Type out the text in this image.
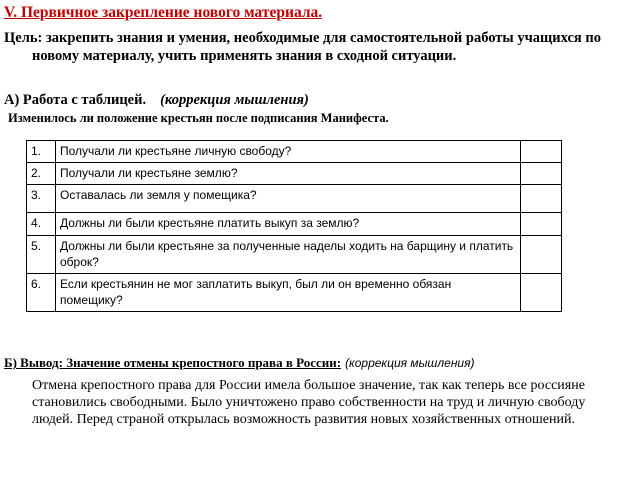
V. Первичное закрепление нового материала.
Цель: закрепить знания и умения, необходимые для самостоятельной работы учащихся по новому материалу, учить применять знания в сходной ситуации.
А) Работа с таблицей. (коррекция мышления)
Изменилось ли положение крестьян после подписания Манифеста.
1.	Получали ли крестьяне личную свободу?	
2.	Получали ли крестьяне землю?	
3.	Оставалась ли земля у помещика?	
4.	Должны ли были крестьяне платить выкуп за землю?	
5.	Должны ли были крестьяне за полученные наделы ходить на барщину и платить оброк?	
6.	Если крестьянин не мог заплатить выкуп, был ли он временно обязан помещику?	
Б) Вывод: Значение отмены крепостного права в России: (коррекция мышления)
Отмена крепостного права для России имела большое значение, так как теперь все россияне становились свободными. Было уничтожено право собственности на труд и личную свободу людей. Перед страной открылась возможность развития новых хозяйственных отношений.
